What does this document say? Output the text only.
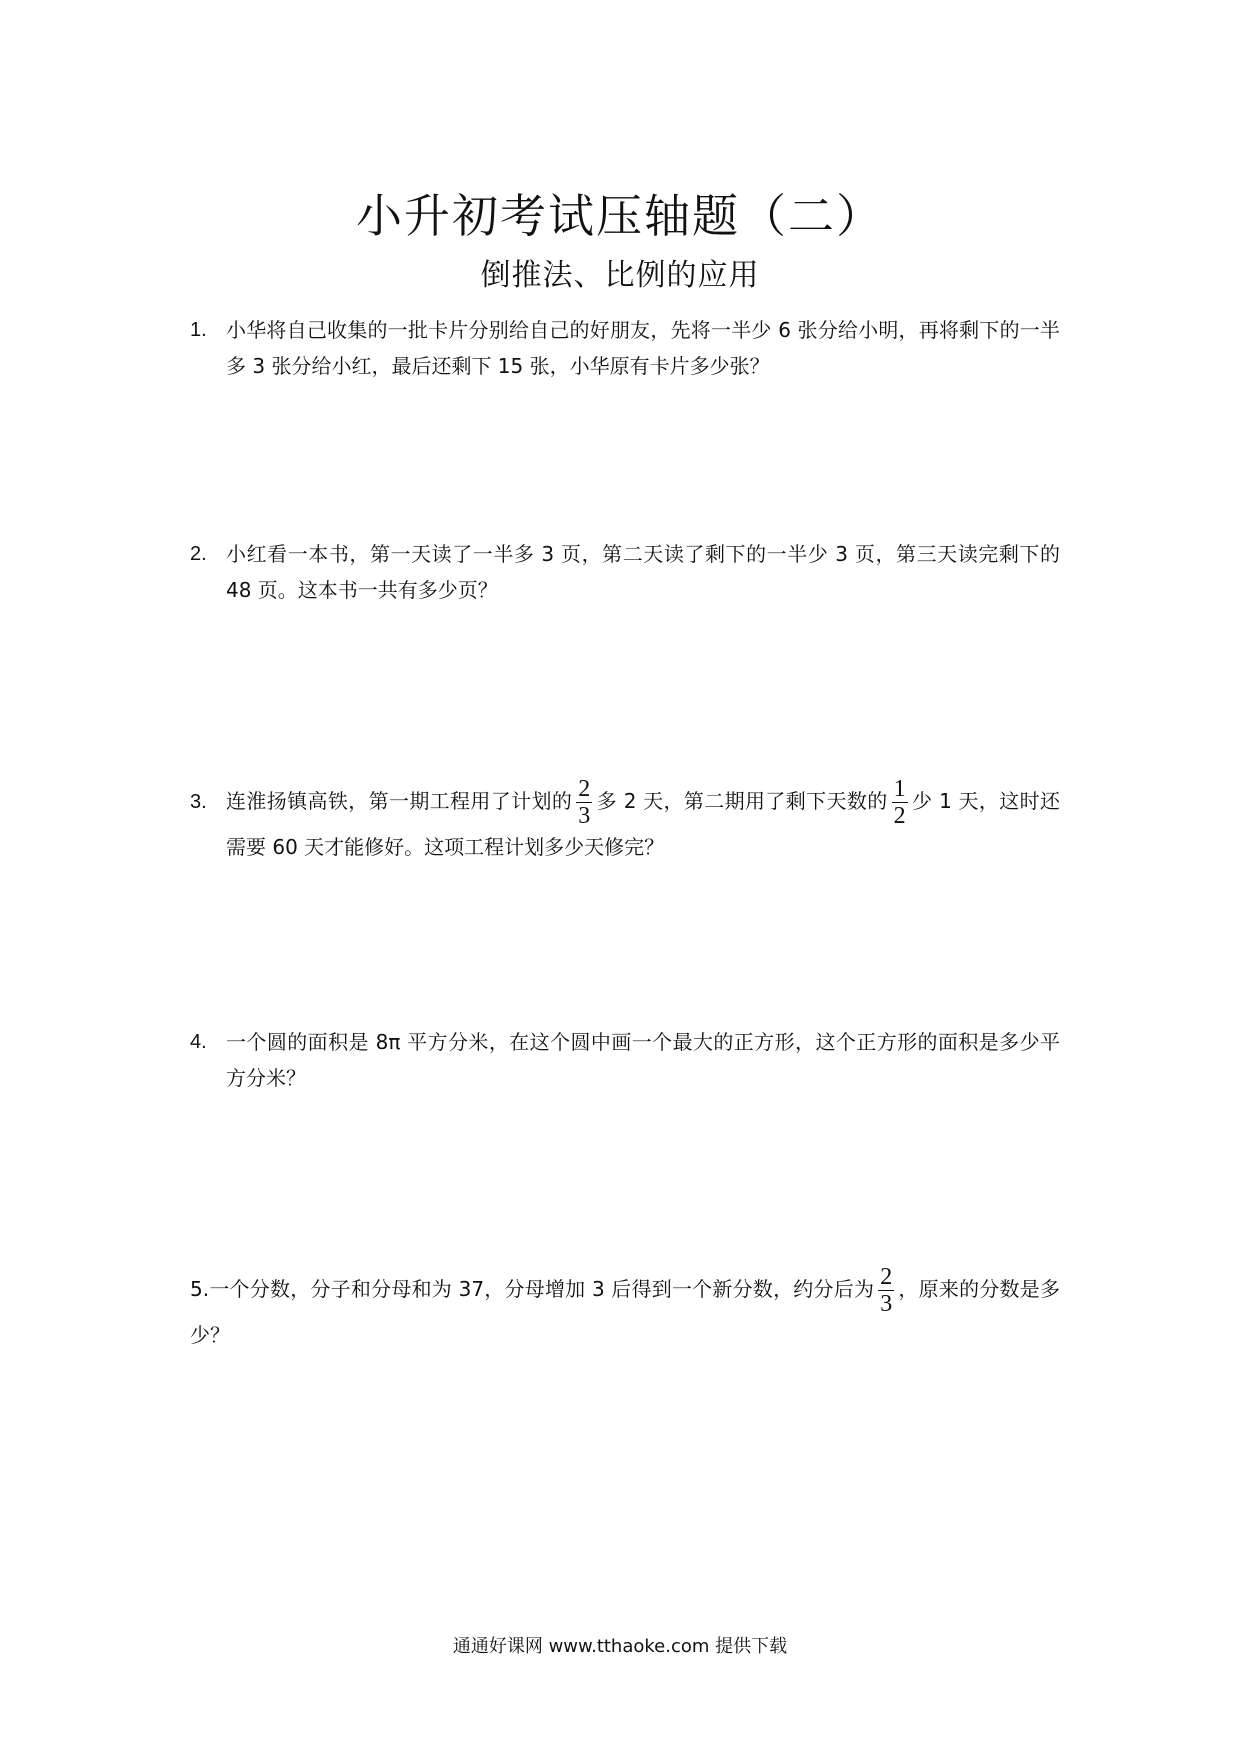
小升初考试压轴题（二）
倒推法、比例的应用
1. 小华将自己收集的一批卡片分别给自己的好朋友，先将一半少 6 张分给小明，再将剩下的一半多 3 张分给小红，最后还剩下 15 张，小华原有卡片多少张？
2. 小红看一本书，第一天读了一半多 3 页，第二天读了剩下的一半少 3 页，第三天读完剩下的 48 页。这本书一共有多少页？
3. 连淮扬镇高铁，第一期工程用了计划的 $\frac{2}{3}$ 多 2 天，第二期用了剩下天数的 $\frac{1}{2}$ 少 1 天，这时还需要 60 天才能修好。这项工程计划多少天修完？
4. 一个圆的面积是 8π 平方分米，在这个圆中画一个最大的正方形，这个正方形的面积是多少平方分米？
5.一个分数，分子和分母和为 37，分母增加 3 后得到一个新分数，约分后为 $\frac{2}{3}$ ，原来的分数是多少？
通通好课网 www.tthaoke.com 提供下载
